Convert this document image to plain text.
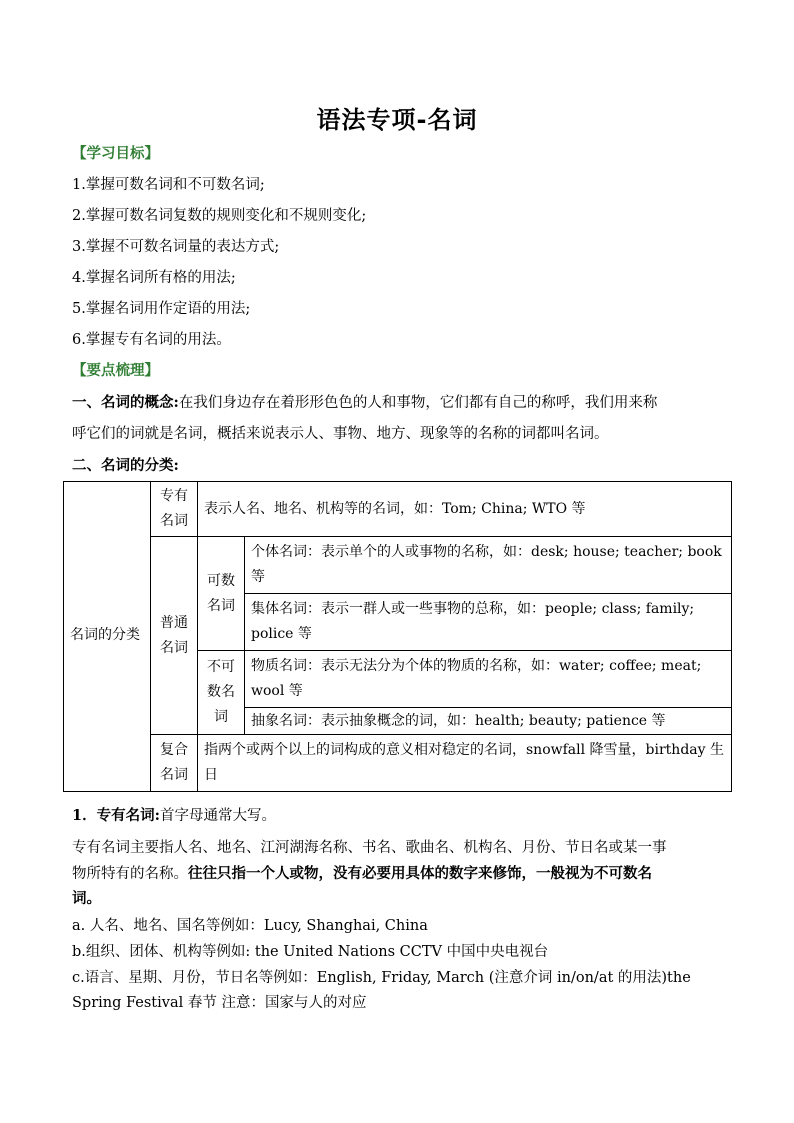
语法专项-名词
【学习目标】
1.掌握可数名词和不可数名词;
2.掌握可数名词复数的规则变化和不规则变化;
3.掌握不可数名词量的表达方式;
4.掌握名词所有格的用法;
5.掌握名词用作定语的用法;
6.掌握专有名词的用法。
【要点梳理】
一、名词的概念:在我们身边存在着形形色色的人和事物，它们都有自己的称呼，我们用来称
呼它们的词就是名词，概括来说表示人、事物、地方、现象等的名称的词都叫名词。
二、名词的分类:
名词的分类	专有名词	表示人名、地名、机构等的名词，如：Tom; China; WTO 等	
	普通名词	可数名词	个体名词：表示单个的人或事物的名称，如：desk; house; teacher; book 等
			集体名词：表示一群人或一些事物的总称，如：people; class; family; police 等
		不可数名词	物质名词：表示无法分为个体的物质的名称，如：water; coffee; meat; wool 等
			抽象名词：表示抽象概念的词，如：health; beauty; patience 等
	复合名词	指两个或两个以上的词构成的意义相对稳定的名词，snowfall 降雪量，birthday 生日	
1．专有名词:首字母通常大写。
专有名词主要指人名、地名、江河湖海名称、书名、歌曲名、机构名、月份、节日名或某一事
物所特有的名称。往往只指一个人或物，没有必要用具体的数字来修饰，一般视为不可数名
词。
a. 人名、地名、国名等例如：Lucy, Shanghai, China
b.组织、团体、机构等例如: the United Nations CCTV 中国中央电视台
c.语言、星期、月份，节日名等例如：English, Friday, March (注意介词 in/on/at 的用法)the
Spring Festival 春节 注意：国家与人的对应
